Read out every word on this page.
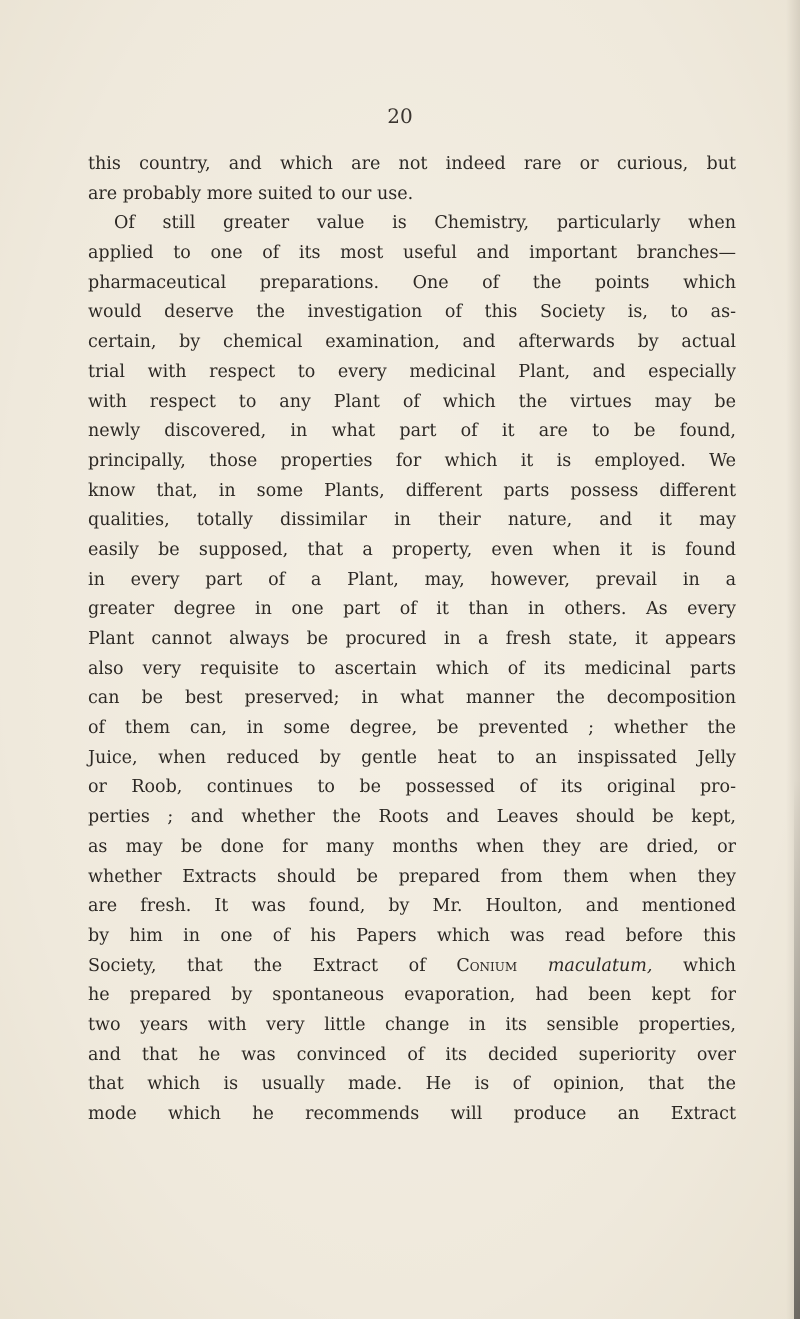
20
this country, and which are not indeed rare or curious, but
are probably more suited to our use.
Of still greater value is Chemistry, particularly when
applied to one of its most useful and important branches—
pharmaceutical preparations. One of the points which
would deserve the investigation of this Society is, to as-
certain, by chemical examination, and afterwards by actual
trial with respect to every medicinal Plant, and especially
with respect to any Plant of which the virtues may be
newly discovered, in what part of it are to be found,
principally, those properties for which it is employed. We
know that, in some Plants, different parts possess different
qualities, totally dissimilar in their nature, and it may
easily be supposed, that a property, even when it is found
in every part of a Plant, may, however, prevail in a
greater degree in one part of it than in others. As every
Plant cannot always be procured in a fresh state, it appears
also very requisite to ascertain which of its medicinal parts
can be best preserved; in what manner the decomposition
of them can, in some degree, be prevented ; whether the
Juice, when reduced by gentle heat to an inspissated Jelly
or Roob, continues to be possessed of its original pro-
perties ; and whether the Roots and Leaves should be kept,
as may be done for many months when they are dried, or
whether Extracts should be prepared from them when they
are fresh. It was found, by Mr. Houlton, and mentioned
by him in one of his Papers which was read before this
Society, that the Extract of Conium maculatum, which
he prepared by spontaneous evaporation, had been kept for
two years with very little change in its sensible properties,
and that he was convinced of its decided superiority over
that which is usually made. He is of opinion, that the
mode which he recommends will produce an Extract
